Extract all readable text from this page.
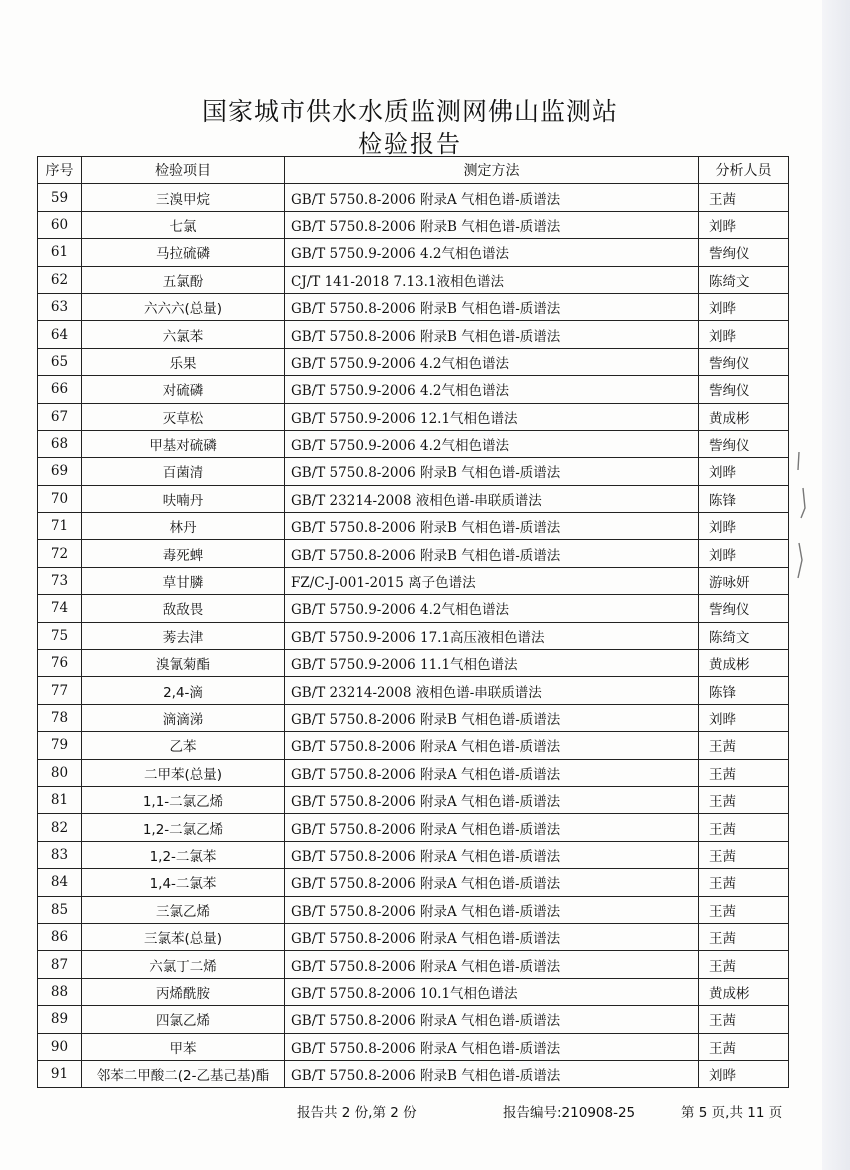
国家城市供水水质监测网佛山监测站
检验报告
序号	检验项目	测定方法	分析人员
59	三溴甲烷	GB/T 5750.8-2006 附录A 气相色谱-质谱法	王茜
60	七氯	GB/T 5750.8-2006 附录B 气相色谱-质谱法	刘晔
61	马拉硫磷	GB/T 5750.9-2006 4.2气相色谱法	訾绚仪
62	五氯酚	CJ/T 141-2018 7.13.1液相色谱法	陈绮文
63	六六六(总量)	GB/T 5750.8-2006 附录B 气相色谱-质谱法	刘晔
64	六氯苯	GB/T 5750.8-2006 附录B 气相色谱-质谱法	刘晔
65	乐果	GB/T 5750.9-2006 4.2气相色谱法	訾绚仪
66	对硫磷	GB/T 5750.9-2006 4.2气相色谱法	訾绚仪
67	灭草松	GB/T 5750.9-2006 12.1气相色谱法	黄成彬
68	甲基对硫磷	GB/T 5750.9-2006 4.2气相色谱法	訾绚仪
69	百菌清	GB/T 5750.8-2006 附录B 气相色谱-质谱法	刘晔
70	呋喃丹	GB/T 23214-2008 液相色谱-串联质谱法	陈锋
71	林丹	GB/T 5750.8-2006 附录B 气相色谱-质谱法	刘晔
72	毒死蜱	GB/T 5750.8-2006 附录B 气相色谱-质谱法	刘晔
73	草甘膦	FZ/C-J-001-2015 离子色谱法	游咏妍
74	敌敌畏	GB/T 5750.9-2006 4.2气相色谱法	訾绚仪
75	莠去津	GB/T 5750.9-2006 17.1高压液相色谱法	陈绮文
76	溴氰菊酯	GB/T 5750.9-2006 11.1气相色谱法	黄成彬
77	2,4-滴	GB/T 23214-2008 液相色谱-串联质谱法	陈锋
78	滴滴涕	GB/T 5750.8-2006 附录B 气相色谱-质谱法	刘晔
79	乙苯	GB/T 5750.8-2006 附录A 气相色谱-质谱法	王茜
80	二甲苯(总量)	GB/T 5750.8-2006 附录A 气相色谱-质谱法	王茜
81	1,1-二氯乙烯	GB/T 5750.8-2006 附录A 气相色谱-质谱法	王茜
82	1,2-二氯乙烯	GB/T 5750.8-2006 附录A 气相色谱-质谱法	王茜
83	1,2-二氯苯	GB/T 5750.8-2006 附录A 气相色谱-质谱法	王茜
84	1,4-二氯苯	GB/T 5750.8-2006 附录A 气相色谱-质谱法	王茜
85	三氯乙烯	GB/T 5750.8-2006 附录A 气相色谱-质谱法	王茜
86	三氯苯(总量)	GB/T 5750.8-2006 附录A 气相色谱-质谱法	王茜
87	六氯丁二烯	GB/T 5750.8-2006 附录A 气相色谱-质谱法	王茜
88	丙烯酰胺	GB/T 5750.8-2006 10.1气相色谱法	黄成彬
89	四氯乙烯	GB/T 5750.8-2006 附录A 气相色谱-质谱法	王茜
90	甲苯	GB/T 5750.8-2006 附录A 气相色谱-质谱法	王茜
91	邻苯二甲酸二(2-乙基己基)酯	GB/T 5750.8-2006 附录B 气相色谱-质谱法	刘晔
报告共 2 份,第 2 份	报告编号:210908-25	第 5 页,共 11 页
